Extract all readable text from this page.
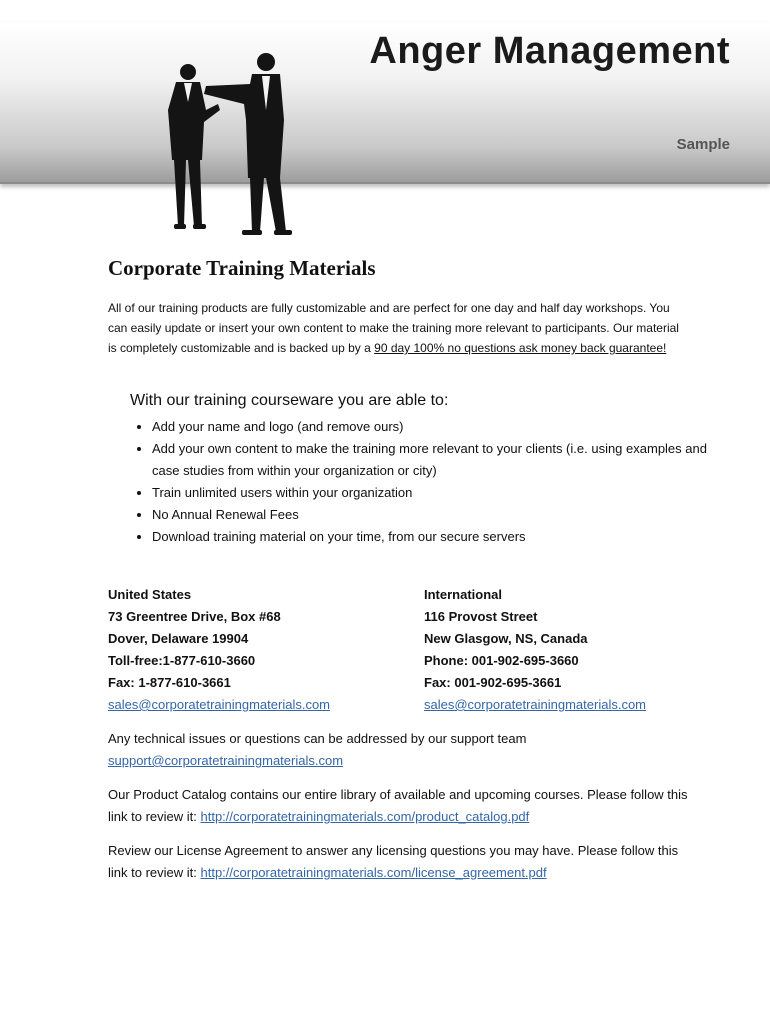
Anger Management
Sample
Corporate Training Materials

All of our training products are fully customizable and are perfect for one day and half day workshops. You can easily update or insert your own content to make the training more relevant to participants. Our material is completely customizable and is backed up by a 90 day 100% no questions ask money back guarantee!

With our training courseware you are able to:
• Add your name and logo (and remove ours)
• Add your own content to make the training more relevant to your clients (i.e. using examples and case studies from within your organization or city)
• Train unlimited users within your organization
• No Annual Renewal Fees
• Download training material on your time, from our secure servers
United States
73 Greentree Drive, Box #68
Dover, Delaware 19904
Toll-free:1-877-610-3660
Fax: 1-877-610-3661
sales@corporatetrainingmaterials.com
International
116 Provost Street
New Glasgow, NS, Canada
Phone: 001-902-695-3660
Fax: 001-902-695-3661
sales@corporatetrainingmaterials.com

Any technical issues or questions can be addressed by our support team
support@corporatetrainingmaterials.com

Our Product Catalog contains our entire library of available and upcoming courses. Please follow this link to review it: http://corporatetrainingmaterials.com/product_catalog.pdf

Review our License Agreement to answer any licensing questions you may have. Please follow this link to review it: http://corporatetrainingmaterials.com/license_agreement.pdf
